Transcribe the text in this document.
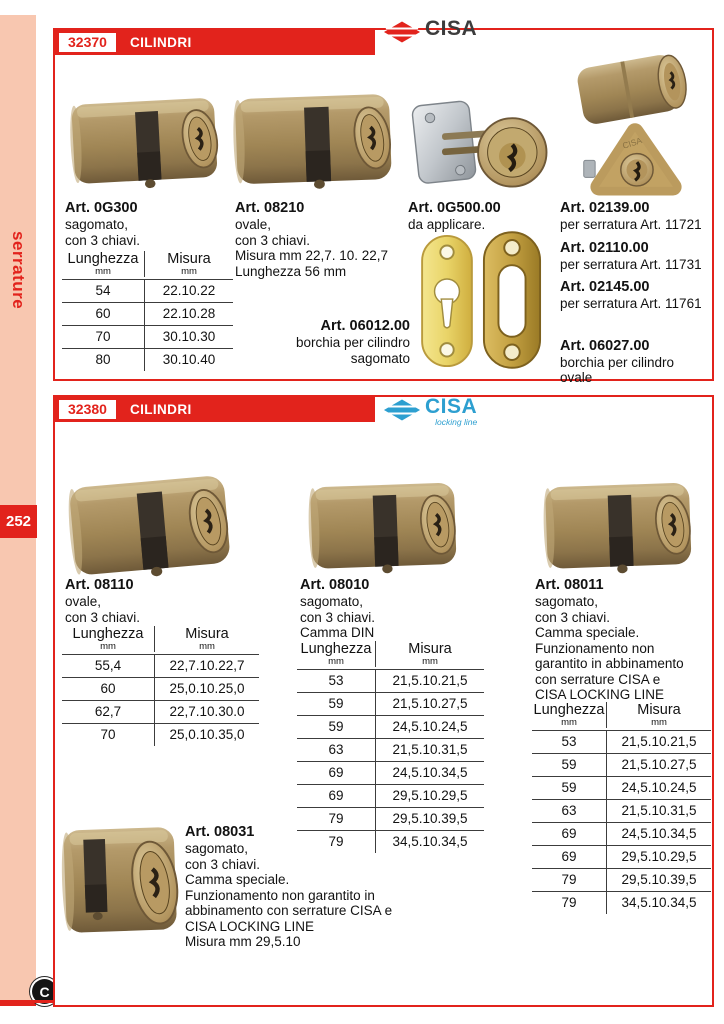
serrature
252
C
32370	CILINDRI
CISA
CISA
Art. 0G300
sagomato,
con 3 chiavi.
Lunghezza
mm
Misura
mm
54	22.10.22
60	22.10.28
70	30.10.30
80	30.10.40
Art. 08210
ovale,
con 3 chiavi.
Misura mm 22,7. 10. 22,7
Lunghezza 56 mm
Art. 0G500.00
da applicare.
Art. 06012.00
borchia per cilindro
sagomato
Art. 02139.00
per serratura Art. 11721
Art. 02110.00
per serratura Art. 11731
Art. 02145.00
per serratura Art. 11761
Art. 06027.00
borchia per cilindro ovale
32380	CILINDRI	CISA
locking line
Art. 08110
ovale,
con 3 chiavi.
Lunghezza
mm
Misura
mm
55,4	22,7.10.22,7
60	25,0.10.25,0
62,7	22,7.10.30.0
70	25,0.10.35,0
Art. 08010
sagomato,
con 3 chiavi.
Camma DIN
Lunghezza
mm
Misura
mm
53	21,5.10.21,5
59	21,5.10.27,5
59	24,5.10.24,5
63	21,5.10.31,5
69	24,5.10.34,5
69	29,5.10.29,5
79	29,5.10.39,5
79	34,5.10.34,5
Art. 08011
sagomato,
con 3 chiavi.
Camma speciale.
Funzionamento non
garantito in abbinamento
con serrature CISA e
CISA LOCKING LINE
Lunghezza
mm
Misura
mm
53	21,5.10.21,5
59	21,5.10.27,5
59	24,5.10.24,5
63	21,5.10.31,5
69	24,5.10.34,5
69	29,5.10.29,5
79	29,5.10.39,5
79	34,5.10.34,5
Art. 08031
sagomato,
con 3 chiavi.
Camma speciale.
Funzionamento non garantito in
abbinamento con serrature CISA e
CISA LOCKING LINE
Misura mm 29,5.10
